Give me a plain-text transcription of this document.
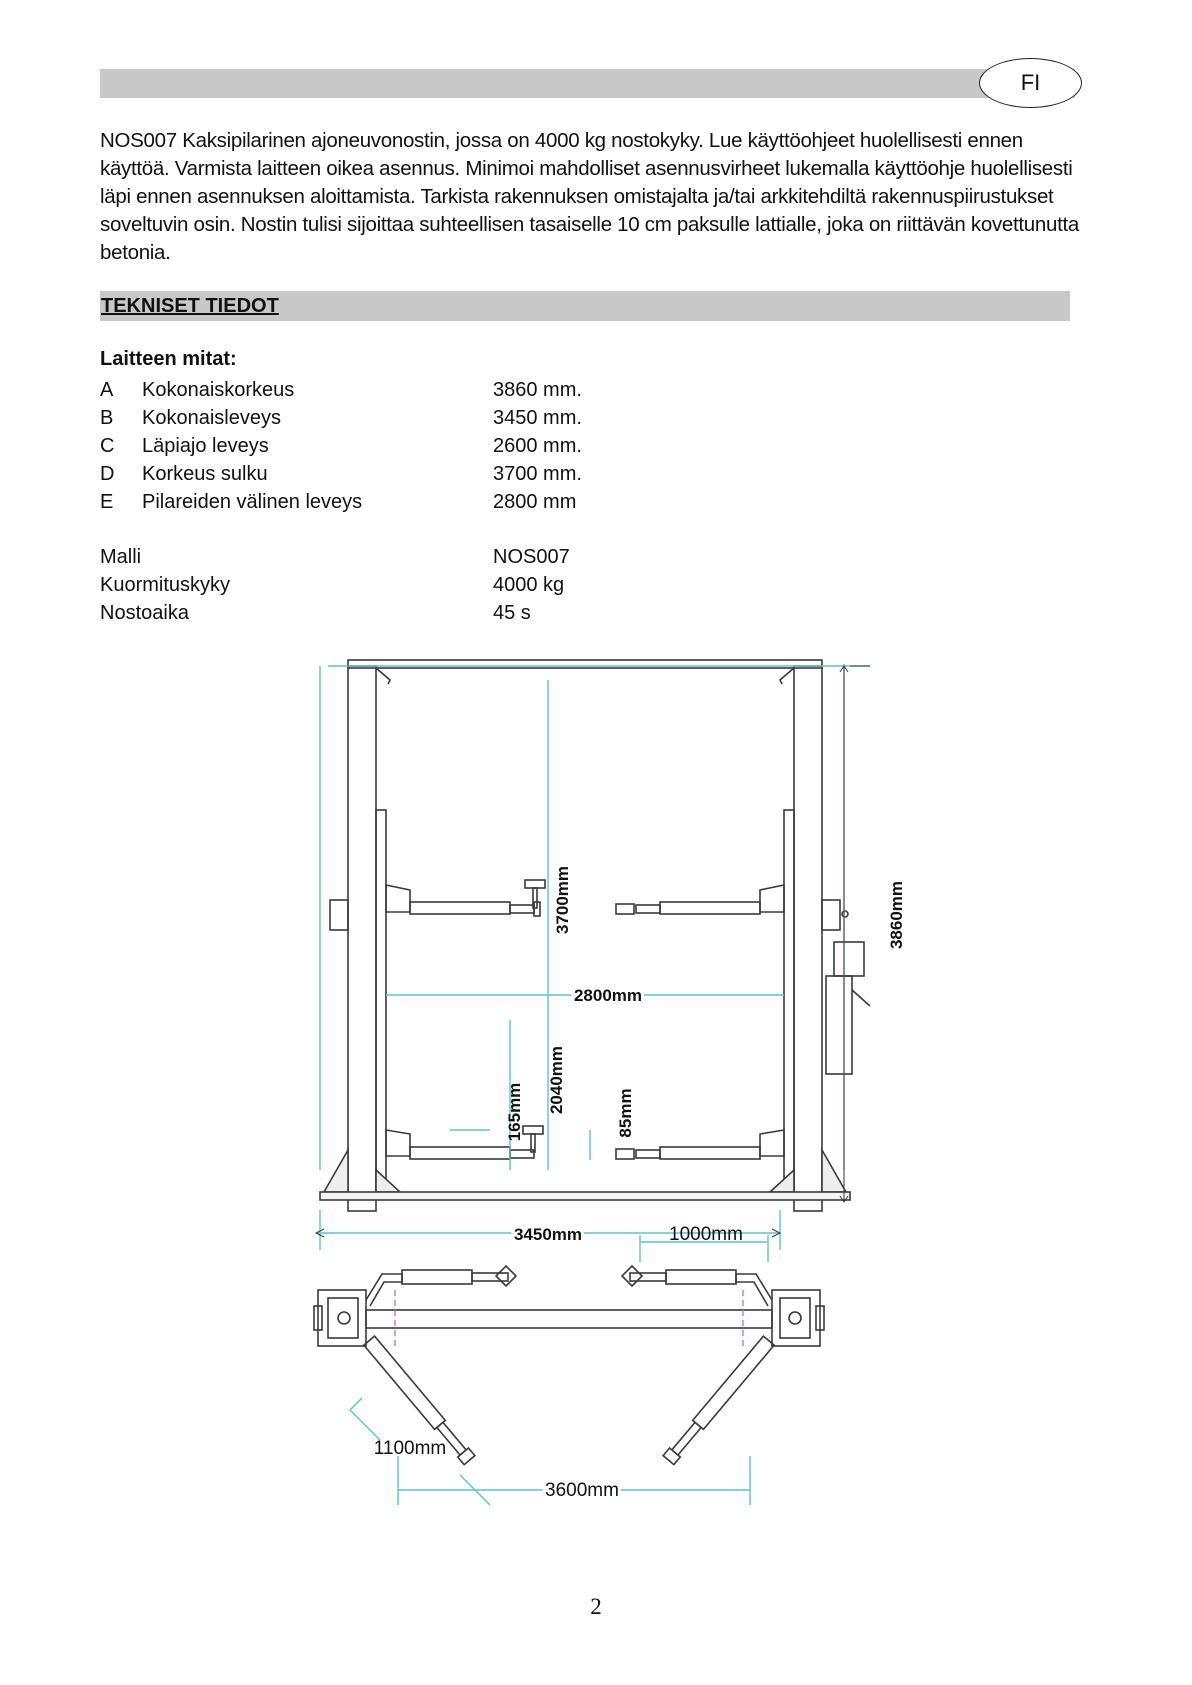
FI
NOS007 Kaksipilarinen ajoneuvonostin, jossa on 4000 kg nostokyky. Lue käyttöohjeet huolellisesti ennen
käyttöä. Varmista laitteen oikea asennus. Minimoi mahdolliset asennusvirheet lukemalla käyttöohje huolellisesti
läpi ennen asennuksen aloittamista. Tarkista rakennuksen omistajalta ja/tai arkkitehdiltä rakennuspiirustukset
soveltuvin osin. Nostin tulisi sijoittaa suhteellisen tasaiselle 10 cm paksulle lattialle, joka on riittävän kovettunutta
betonia.
TEKNISET TIEDOT
Laitteen mitat:
A Kokonaiskorkeus	3860 mm.
B Kokonaisleveys	3450 mm.
C Läpiajo leveys	2600 mm.
D Korkeus sulku	3700 mm.
E Pilareiden välinen leveys	2800 mm
Malli	NOS007
Kuormituskyky	4000 kg
Nostoaika	45 s
3700mm	3860mm
2800mm
2040mm
165mm	85mm
3450mm	1000mm
1100mm
3600mm
2
